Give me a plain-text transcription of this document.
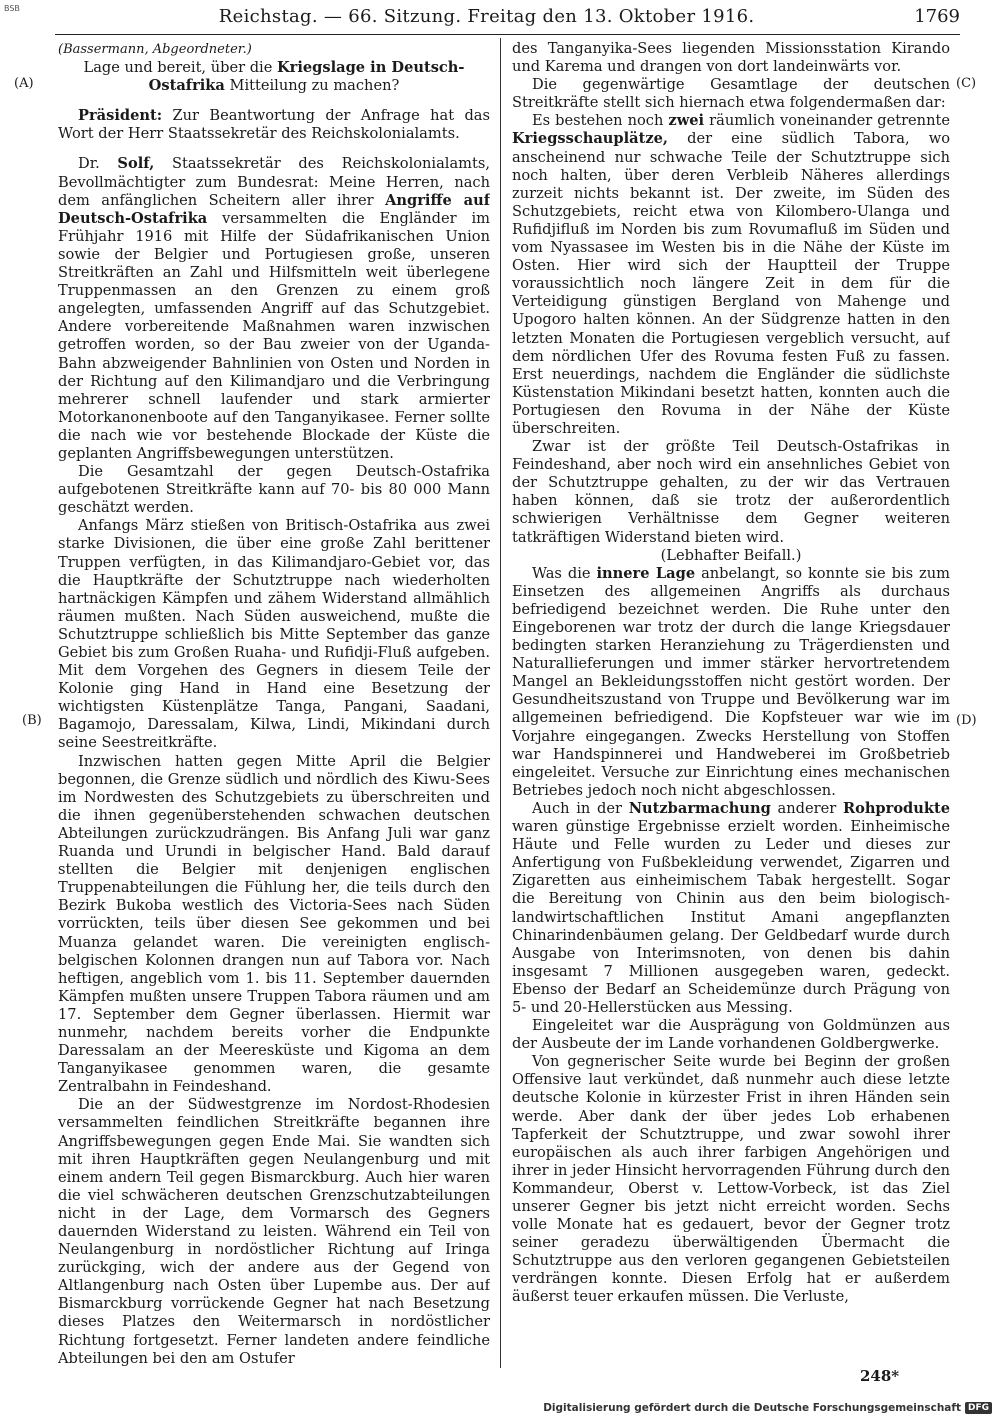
BSB	Reichstag. — 66. Sitzung. Freitag den 13. Oktober 1916.	1769
(A)
(B)
(C)
(D)

(Bassermann, Abgeordneter.)

Lage und bereit, über die Kriegslage in Deutsch-Ostafrika Mitteilung zu machen?

Präsident: Zur Beantwortung der Anfrage hat das Wort der Herr Staatssekretär des Reichskolonialamts.

Dr. Solf, Staatssekretär des Reichskolonialamts, Bevollmächtigter zum Bundesrat: Meine Herren, nach dem anfänglichen Scheitern aller ihrer Angriffe auf Deutsch-Ostafrika versammelten die Engländer im Frühjahr 1916 mit Hilfe der Südafrikanischen Union sowie der Belgier und Portugiesen große, unseren Streitkräften an Zahl und Hilfsmitteln weit überlegene Truppenmassen an den Grenzen zu einem groß angelegten, umfassenden Angriff auf das Schutzgebiet. Andere vorbereitende Maßnahmen waren inzwischen getroffen worden, so der Bau zweier von der Uganda-Bahn abzweigender Bahnlinien von Osten und Norden in der Richtung auf den Kilimandjaro und die Verbringung mehrerer schnell laufender und stark armierter Motorkanonenboote auf den Tanganyikasee. Ferner sollte die nach wie vor bestehende Blockade der Küste die geplanten Angriffsbewegungen unterstützen.

Die Gesamtzahl der gegen Deutsch-Ostafrika aufgebotenen Streitkräfte kann auf 70- bis 80 000 Mann geschätzt werden.

Anfangs März stießen von Britisch-Ostafrika aus zwei starke Divisionen, die über eine große Zahl berittener Truppen verfügten, in das Kilimandjaro-Gebiet vor, das die Hauptkräfte der Schutztruppe nach wiederholten hartnäckigen Kämpfen und zähem Widerstand allmählich räumen mußten. Nach Süden ausweichend, mußte die Schutztruppe schließlich bis Mitte September das ganze Gebiet bis zum Großen Ruaha- und Rufidji-Fluß aufgeben. Mit dem Vorgehen des Gegners in diesem Teile der Kolonie ging Hand in Hand eine Besetzung der wichtigsten Küstenplätze Tanga, Pangani, Saadani, Bagamojo, Daressalam, Kilwa, Lindi, Mikindani durch seine Seestreitkräfte.

Inzwischen hatten gegen Mitte April die Belgier begonnen, die Grenze südlich und nördlich des Kiwu-Sees im Nordwesten des Schutzgebiets zu überschreiten und die ihnen gegenüberstehenden schwachen deutschen Abteilungen zurückzudrängen. Bis Anfang Juli war ganz Ruanda und Urundi in belgischer Hand. Bald darauf stellten die Belgier mit denjenigen englischen Truppenabteilungen die Fühlung her, die teils durch den Bezirk Bukoba westlich des Victoria-Sees nach Süden vorrückten, teils über diesen See gekommen und bei Muanza gelandet waren. Die vereinigten englisch-belgischen Kolonnen drangen nun auf Tabora vor. Nach heftigen, angeblich vom 1. bis 11. September dauernden Kämpfen mußten unsere Truppen Tabora räumen und am 17. September dem Gegner überlassen. Hiermit war nunmehr, nachdem bereits vorher die Endpunkte Daressalam an der Meeresküste und Kigoma an dem Tanganyikasee genommen waren, die gesamte Zentralbahn in Feindeshand.

Die an der Südwestgrenze im Nordost-Rhodesien versammelten feindlichen Streitkräfte begannen ihre Angriffsbewegungen gegen Ende Mai. Sie wandten sich mit ihren Hauptkräften gegen Neulangenburg und mit einem andern Teil gegen Bismarckburg. Auch hier waren die viel schwächeren deutschen Grenzschutzabteilungen nicht in der Lage, dem Vormarsch des Gegners dauernden Widerstand zu leisten. Während ein Teil von Neulangenburg in nordöstlicher Richtung auf Iringa zurückging, wich der andere aus der Gegend von Altlangenburg nach Osten über Lupembe aus. Der auf Bismarckburg vorrückende Gegner hat nach Besetzung dieses Platzes den Weitermarsch in nordöstlicher Richtung fortgesetzt. Ferner landeten andere feindliche Abteilungen bei den am Ostufer

des Tanganyika-Sees liegenden Missionsstation Kirando und Karema und drangen von dort landeinwärts vor.

Die gegenwärtige Gesamtlage der deutschen Streitkräfte stellt sich hiernach etwa folgendermaßen dar:

Es bestehen noch zwei räumlich voneinander getrennte Kriegsschauplätze, der eine südlich Tabora, wo anscheinend nur schwache Teile der Schutztruppe sich noch halten, über deren Verbleib Näheres allerdings zurzeit nichts bekannt ist. Der zweite, im Süden des Schutzgebiets, reicht etwa von Kilombero-Ulanga und Rufidjifluß im Norden bis zum Rovumafluß im Süden und vom Nyassasee im Westen bis in die Nähe der Küste im Osten. Hier wird sich der Hauptteil der Truppe voraussichtlich noch längere Zeit in dem für die Verteidigung günstigen Bergland von Mahenge und Upogoro halten können. An der Südgrenze hatten in den letzten Monaten die Portugiesen vergeblich versucht, auf dem nördlichen Ufer des Rovuma festen Fuß zu fassen. Erst neuerdings, nachdem die Engländer die südlichste Küstenstation Mikindani besetzt hatten, konnten auch die Portugiesen den Rovuma in der Nähe der Küste überschreiten.

Zwar ist der größte Teil Deutsch-Ostafrikas in Feindeshand, aber noch wird ein ansehnliches Gebiet von der Schutztruppe gehalten, zu der wir das Vertrauen haben können, daß sie trotz der außerordentlich schwierigen Verhältnisse dem Gegner weiteren tatkräftigen Widerstand bieten wird.

(Lebhafter Beifall.)

Was die innere Lage anbelangt, so konnte sie bis zum Einsetzen des allgemeinen Angriffs als durchaus befriedigend bezeichnet werden. Die Ruhe unter den Eingeborenen war trotz der durch die lange Kriegsdauer bedingten starken Heranziehung zu Trägerdiensten und Naturallieferungen und immer stärker hervortretendem Mangel an Bekleidungsstoffen nicht gestört worden. Der Gesundheitszustand von Truppe und Bevölkerung war im allgemeinen befriedigend. Die Kopfsteuer war wie im Vorjahre eingegangen. Zwecks Herstellung von Stoffen war Handspinnerei und Handweberei im Großbetrieb eingeleitet. Versuche zur Einrichtung eines mechanischen Betriebes jedoch noch nicht abgeschlossen.

Auch in der Nutzbarmachung anderer Rohprodukte waren günstige Ergebnisse erzielt worden. Einheimische Häute und Felle wurden zu Leder und dieses zur Anfertigung von Fußbekleidung verwendet, Zigarren und Zigaretten aus einheimischem Tabak hergestellt. Sogar die Bereitung von Chinin aus den beim biologisch-landwirtschaftlichen Institut Amani angepflanzten Chinarindenbäumen gelang. Der Geldbedarf wurde durch Ausgabe von Interimsnoten, von denen bis dahin insgesamt 7 Millionen ausgegeben waren, gedeckt. Ebenso der Bedarf an Scheidemünze durch Prägung von 5- und 20-Hellerstücken aus Messing.

Eingeleitet war die Ausprägung von Goldmünzen aus der Ausbeute der im Lande vorhandenen Goldbergwerke.

Von gegnerischer Seite wurde bei Beginn der großen Offensive laut verkündet, daß nunmehr auch diese letzte deutsche Kolonie in kürzester Frist in ihren Händen sein werde. Aber dank der über jedes Lob erhabenen Tapferkeit der Schutztruppe, und zwar sowohl ihrer europäischen als auch ihrer farbigen Angehörigen und ihrer in jeder Hinsicht hervorragenden Führung durch den Kommandeur, Oberst v. Lettow-Vorbeck, ist das Ziel unserer Gegner bis jetzt nicht erreicht worden. Sechs volle Monate hat es gedauert, bevor der Gegner trotz seiner geradezu überwältigenden Übermacht die Schutztruppe aus den verloren gegangenen Gebietsteilen verdrängen konnte. Diesen Erfolg hat er außerdem äußerst teuer erkaufen müssen. Die Verluste,

248*
Digitalisierung gefördert durch die Deutsche Forschungsgemeinschaft DFG
